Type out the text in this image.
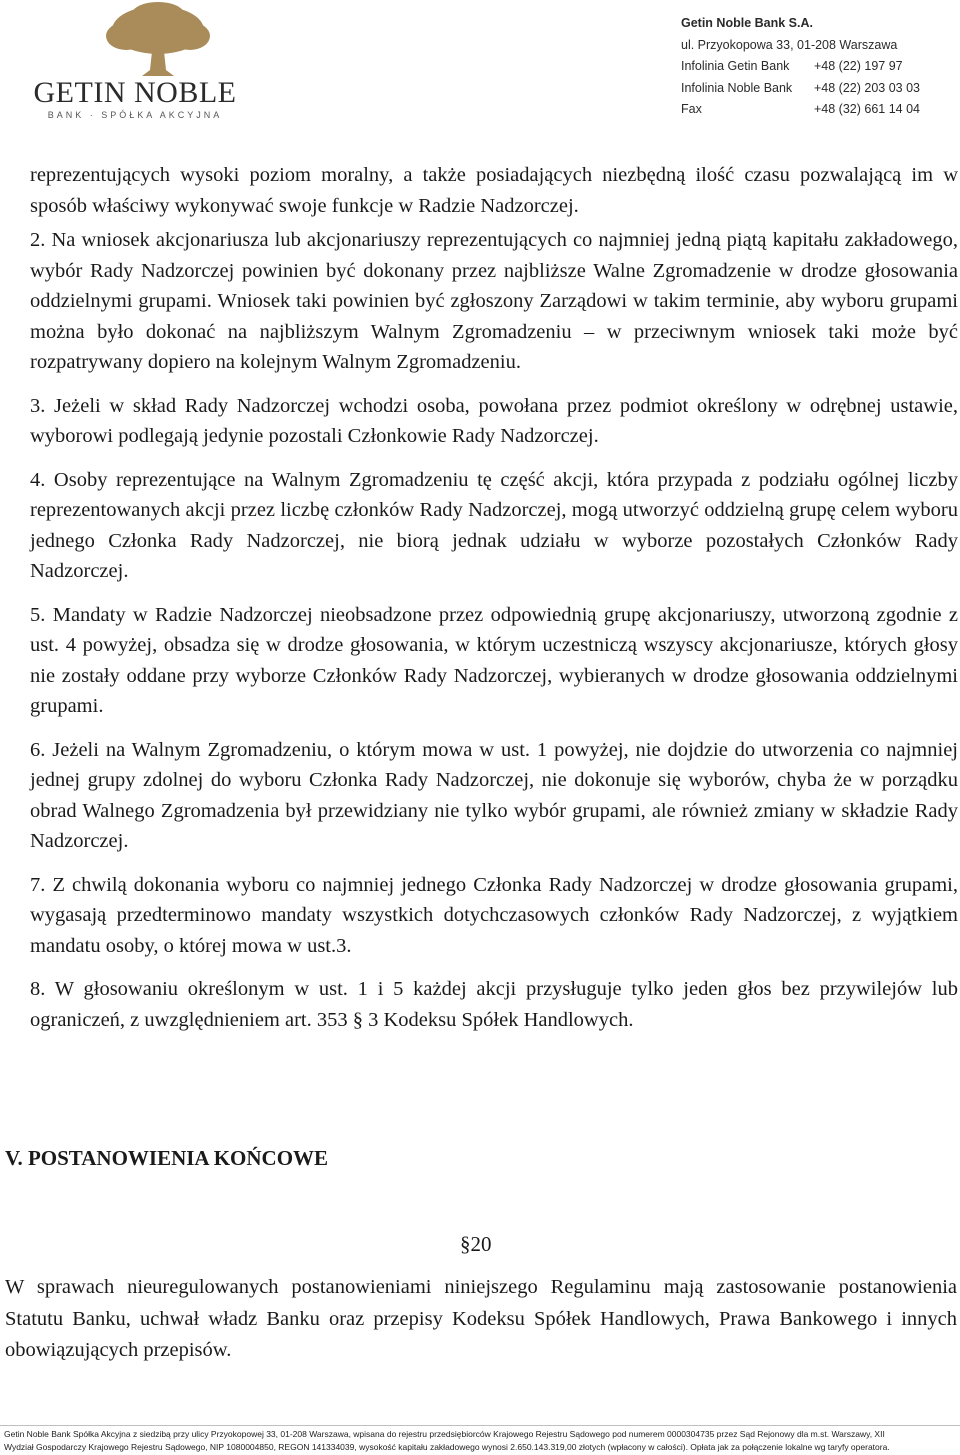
GETIN NOBLE
BANK · SPÓŁKA AKCYJNA
Getin Noble Bank S.A.
ul. Przyokopowa 33, 01-208 Warszawa
Infolinia Getin Bank	+48 (22) 197 97
Infolinia Noble Bank	+48 (22) 203 03 03
Fax	+48 (32) 661 14 04

reprezentujących wysoki poziom moralny, a także posiadających niezbędną ilość czasu pozwalającą im w sposób właściwy wykonywać swoje funkcje w Radzie Nadzorczej.

2. Na wniosek akcjonariusza lub akcjonariuszy reprezentujących co najmniej jedną piątą kapitału zakładowego, wybór Rady Nadzorczej powinien być dokonany przez najbliższe Walne Zgromadzenie w drodze głosowania oddzielnymi grupami. Wniosek taki powinien być zgłoszony Zarządowi w takim terminie, aby wyboru grupami można było dokonać na najbliższym Walnym Zgromadzeniu – w przeciwnym wniosek taki może być rozpatrywany dopiero na kolejnym Walnym Zgromadzeniu.

3. Jeżeli w skład Rady Nadzorczej wchodzi osoba, powołana przez podmiot określony w odrębnej ustawie, wyborowi podlegają jedynie pozostali Członkowie Rady Nadzorczej.

4. Osoby reprezentujące na Walnym Zgromadzeniu tę część akcji, która przypada z podziału ogólnej liczby reprezentowanych akcji przez liczbę członków Rady Nadzorczej, mogą utworzyć oddzielną grupę celem wyboru jednego Członka Rady Nadzorczej, nie biorą jednak udziału w wyborze pozostałych Członków Rady Nadzorczej.

5. Mandaty w Radzie Nadzorczej nieobsadzone przez odpowiednią grupę akcjonariuszy, utworzoną zgodnie z ust. 4 powyżej, obsadza się w drodze głosowania, w którym uczestniczą wszyscy akcjonariusze, których głosy nie zostały oddane przy wyborze Członków Rady Nadzorczej, wybieranych w drodze głosowania oddzielnymi grupami.

6. Jeżeli na Walnym Zgromadzeniu, o którym mowa w ust. 1 powyżej, nie dojdzie do utworzenia co najmniej jednej grupy zdolnej do wyboru Członka Rady Nadzorczej, nie dokonuje się wyborów, chyba że w porządku obrad Walnego Zgromadzenia był przewidziany nie tylko wybór grupami, ale również zmiany w składzie Rady Nadzorczej.

7. Z chwilą dokonania wyboru co najmniej jednego Członka Rady Nadzorczej w drodze głosowania grupami, wygasają przedterminowo mandaty wszystkich dotychczasowych członków Rady Nadzorczej, z wyjątkiem mandatu osoby, o której mowa w ust.3.

8. W głosowaniu określonym w ust. 1 i 5 każdej akcji przysługuje tylko jeden głos bez przywilejów lub ograniczeń, z uwzględnieniem art. 353 § 3 Kodeksu Spółek Handlowych.

V. POSTANOWIENIA KOŃCOWE
§20

W sprawach nieuregulowanych postanowieniami niniejszego Regulaminu mają zastosowanie postanowienia Statutu Banku, uchwał władz Banku oraz przepisy Kodeksu Spółek Handlowych, Prawa Bankowego i innych obowiązujących przepisów.

Getin Noble Bank Spółka Akcyjna z siedzibą przy ulicy Przyokopowej 33, 01-208 Warszawa, wpisana do rejestru przedsiębiorców Krajowego Rejestru Sądowego pod numerem 0000304735 przez Sąd Rejonowy dla m.st. Warszawy, XII
Wydział Gospodarczy Krajowego Rejestru Sądowego, NIP 1080004850, REGON 141334039, wysokość kapitału zakładowego wynosi 2.650.143.319,00 złotych (wpłacony w całości). Opłata jak za połączenie lokalne wg taryfy operatora.
